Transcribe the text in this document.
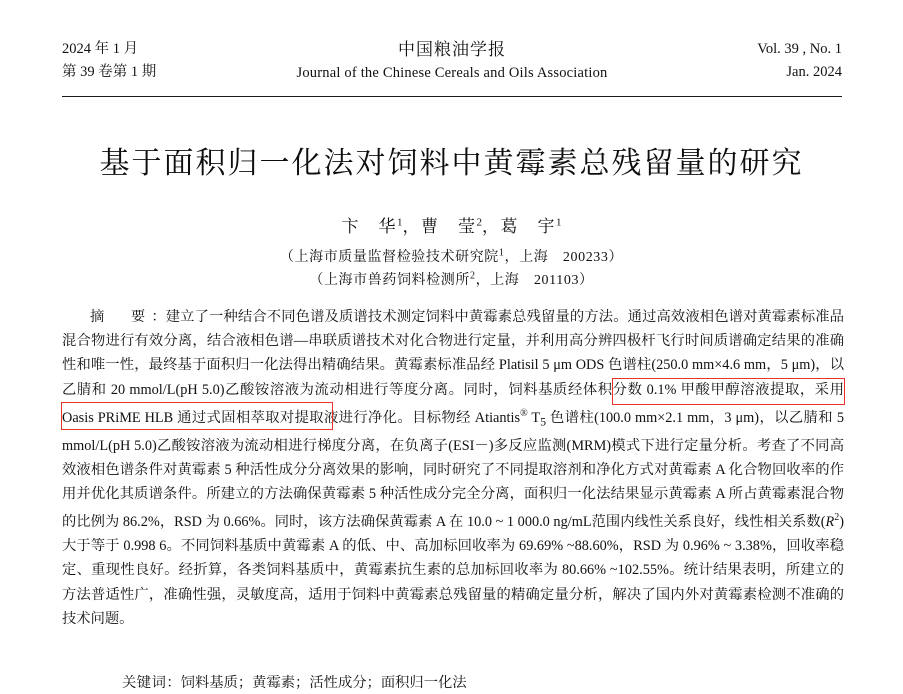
2024 年 1 月
第 39 卷第 1 期
中国粮油学报
Journal of the Chinese Cereals and Oils Association
Vol. 39 , No. 1
Jan. 2024
基于面积归一化法对饲料中黄霉素总残留量的研究
卞　华$^1$，曹　莹$^2$，葛　宇$^1$
（上海市质量监督检验技术研究院$^1$，上海　200233）
（上海市兽药饲料检测所$^2$，上海　201103）

摘　要：建立了一种结合不同色谱及质谱技术测定饲料中黄霉素总残留量的方法。通过高效液相色谱对黄霉素标准品混合物进行有效分离，结合液相色谱—串联质谱技术对化合物进行定量，并利用高分辨四极杆飞行时间质谱确定结果的准确性和唯一性，最终基于面积归一化法得出精确结果。黄霉素标准品经 Platisil 5 μm ODS 色谱柱(250.0 mm×4.6 mm，5 μm)，以乙腈和 20 mmol/L(pH 5.0)乙酸铵溶液为流动相进行等度分离。同时，饲料基质经体积分数 0.1% 甲酸甲醇溶液提取，采用 Oasis PRiME HLB 通过式固相萃取对提取液进行净化。目标物经 Atiantis® $T_5$ 色谱柱(100.0 mm×2.1 mm，3 μm)，以乙腈和 5 mmol/L(pH 5.0)乙酸铵溶液为流动相进行梯度分离，在负离子(ESI－)多反应监测(MRM)模式下进行定量分析。考查了不同高效液相色谱条件对黄霉素 5 种活性成分分离效果的影响，同时研究了不同提取溶剂和净化方式对黄霉素 A 化合物回收率的作用并优化其质谱条件。所建立的方法确保黄霉素 5 种活性成分完全分离，面积归一化法结果显示黄霉素 A 所占黄霉素混合物的比例为 86.2%，RSD 为 0.66%。同时，该方法确保黄霉素 A 在 10.0 ~ 1 000.0 ng/mL范围内线性关系良好，线性相关系数(R$^2$)大于等于 0.998 6。不同饲料基质中黄霉素 A 的低、中、高加标回收率为 69.69% ~88.60%，RSD 为 0.96% ~ 3.38%，回收率稳定、重现性良好。经折算，各类饲料基质中，黄霉素抗生素的总加标回收率为 80.66% ~102.55%。统计结果表明，所建立的方法普适性广，准确性强，灵敏度高，适用于饲料中黄霉素总残留量的精确定量分析，解决了国内外对黄霉素检测不准确的技术问题。

关键词：饲料基质；黄霉素；活性成分；面积归一化法
